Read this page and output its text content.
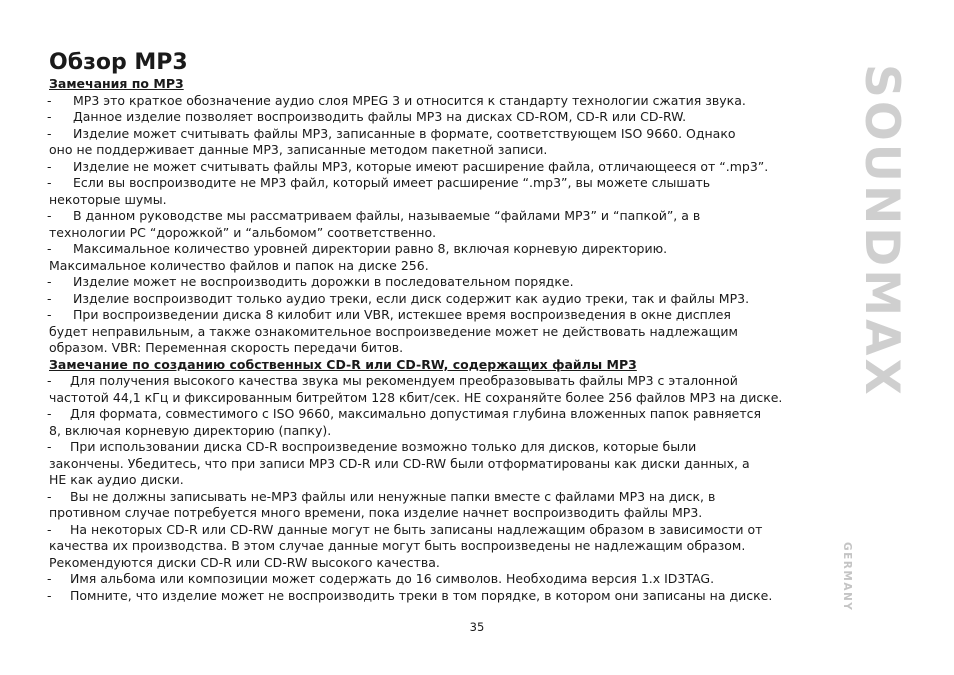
Обзор MP3

Замечания по MP3

-	MP3 это краткое обозначение аудио слоя MPEG 3 и относится к стандарту технологии сжатия звука.
-	Данное изделие позволяет воспроизводить файлы MP3 на дисках CD-ROM, CD-R или CD-RW.
-	Изделие может считывать файлы MP3, записанные в формате, соответствующем ISO 9660. Однако
оно не поддерживает данные MP3, записанные методом пакетной записи.
-	Изделие не может считывать файлы MP3, которые имеют расширение файла, отличающееся от “.mp3”.
-	Если вы воспроизводите не MP3 файл, который имеет расширение “.mp3”, вы можете слышать
некоторые шумы.
-	В данном руководстве мы рассматриваем файлы, называемые “файлами MP3” и “папкой”, а в
технологии PC “дорожкой” и “альбомом” соответственно.
-	Максимальное количество уровней директории равно 8, включая корневую директорию.
Максимальное количество файлов и папок на диске 256.
-	Изделие может не воспроизводить дорожки в последовательном порядке.
-	Изделие воспроизводит только аудио треки, если диск содержит как аудио треки, так и файлы MP3.
-	При воспроизведении диска 8 килобит или VBR, истекшее время воспроизведения в окне дисплея
будет неправильным, а также ознакомительное воспроизведение может не действовать надлежащим
образом. VBR: Переменная скорость передачи битов.

Замечание по созданию собственных CD-R или CD-RW, содержащих файлы MP3

-	Для получения высокого качества звука мы рекомендуем преобразовывать файлы MP3 с эталонной
частотой 44,1 кГц и фиксированным битрейтом 128 кбит/сек. НЕ сохраняйте более 256 файлов MP3 на диске.
-	Для формата, совместимого с ISO 9660, максимально допустимая глубина вложенных папок равняется
8, включая корневую директорию (папку).
-	При использовании диска CD-R воспроизведение возможно только для дисков, которые были
закончены. Убедитесь, что при записи MP3 CD-R или CD-RW были отформатированы как диски данных, а
НЕ как аудио диски.
-	Вы не должны записывать не-MP3 файлы или ненужные папки вместе с файлами MP3 на диск, в
противном случае потребуется много времени, пока изделие начнет воспроизводить файлы MP3.
-	На некоторых CD-R или CD-RW данные могут не быть записаны надлежащим образом в зависимости от
качества их производства. В этом случае данные могут быть воспроизведены не надлежащим образом.
Рекомендуются диски CD-R или CD-RW высокого качества.
-	Имя альбома или композиции может содержать до 16 символов. Необходима версия 1.x ID3TAG.
-	Помните, что изделие может не воспроизводить треки в том порядке, в котором они записаны на диске.
35
SOUNDMAX
GERMANY
